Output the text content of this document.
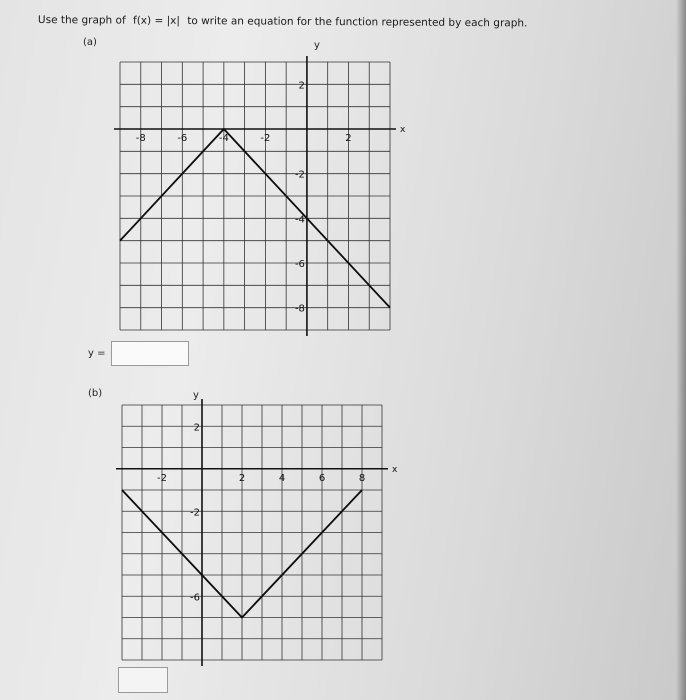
Use the graph of f(x) = |x| to write an equation for the function represented by each graph.
(a)	y
x
-8	-6	-4	-2	2
2
-2
-4
-6
-8
y =
(b)	y
x
-2	2	4	6	8
2
-2
-6
